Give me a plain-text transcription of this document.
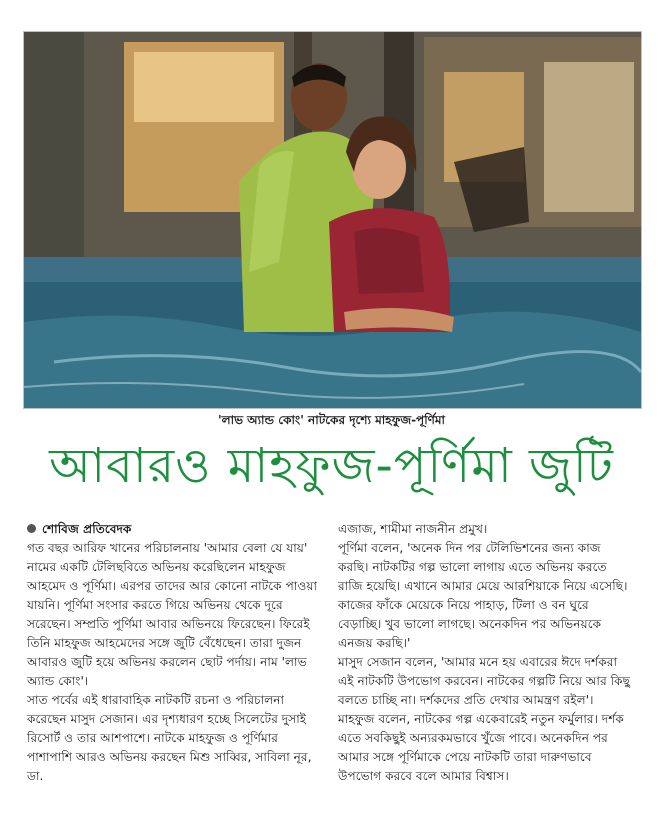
'লাভ অ্যান্ড কোং' নাটকের দৃশ্যে মাহফুজ-পূর্ণিমা
আবারও মাহফুজ-পূর্ণিমা জুটি

শোবিজ প্রতিবেদক

গত বছর আরিফ খানের পরিচালনায় 'আমার বেলা যে যায়' নামের একটি টেলিছবিতে অভিনয় করেছিলেন মাহফুজ আহমেদ ও পূর্ণিমা। এরপর তাদের আর কোনো নাটকে পাওয়া যায়নি। পূর্ণিমা সংসার করতে গিয়ে অভিনয় থেকে দূরে সরেছেন। সম্প্রতি পূর্ণিমা আবার অভিনয়ে ফিরেছেন। ফিরেই তিনি মাহফুজ আহমেদের সঙ্গে জুটি বেঁধেছেন। তারা দুজন আবারও জুটি হয়ে অভিনয় করলেন ছোট পর্দায়। নাম 'লাভ অ্যান্ড কোং'।

সাত পর্বের এই ধারাবাহিক নাটকটি রচনা ও পরিচালনা করেছেন মাসুদ সেজান। এর দৃশ্যধারণ হচ্ছে সিলেটের দুসাই রিসোর্ট ও তার আশপাশে। নাটকে মাহফুজ ও পূর্ণিমার পাশাপাশি আরও অভিনয় করছেন মিশু সাব্বির, সাবিলা নূর, ডা.

এজাজ, শামীমা নাজনীন প্রমুখ।

পূর্ণিমা বলেন, 'অনেক দিন পর টেলিভিশনের জন্য কাজ করছি। নাটকটির গল্প ভালো লাগায় এতে অভিনয় করতে রাজি হয়েছি। এখানে আমার মেয়ে আরশিয়াকে নিয়ে এসেছি। কাজের ফাঁকে মেয়েকে নিয়ে পাহাড়, টিলা ও বন ঘুরে বেড়াচ্ছি। খুব ভালো লাগছে। অনেকদিন পর অভিনয়কে এনজয় করছি।'

মাসুদ সেজান বলেন, 'আমার মনে হয় এবারের ঈদে দর্শকরা এই নাটকটি উপভোগ করবেন। নাটকের গল্পটি নিয়ে আর কিছু বলতে চাচ্ছি না। দর্শকদের প্রতি দেখার আমন্ত্রণ রইল'। মাহফুজ বলেন, নাটকের গল্প একেবারেই নতুন ফর্মুলার। দর্শক এতে সবকিছুই অন্যরকমভাবে খুঁজে পাবে। অনেকদিন পর আমার সঙ্গে পূর্ণিমাকে পেয়ে নাটকটি তারা দারুণভাবে উপভোগ করবে বলে আমার বিশ্বাস।
